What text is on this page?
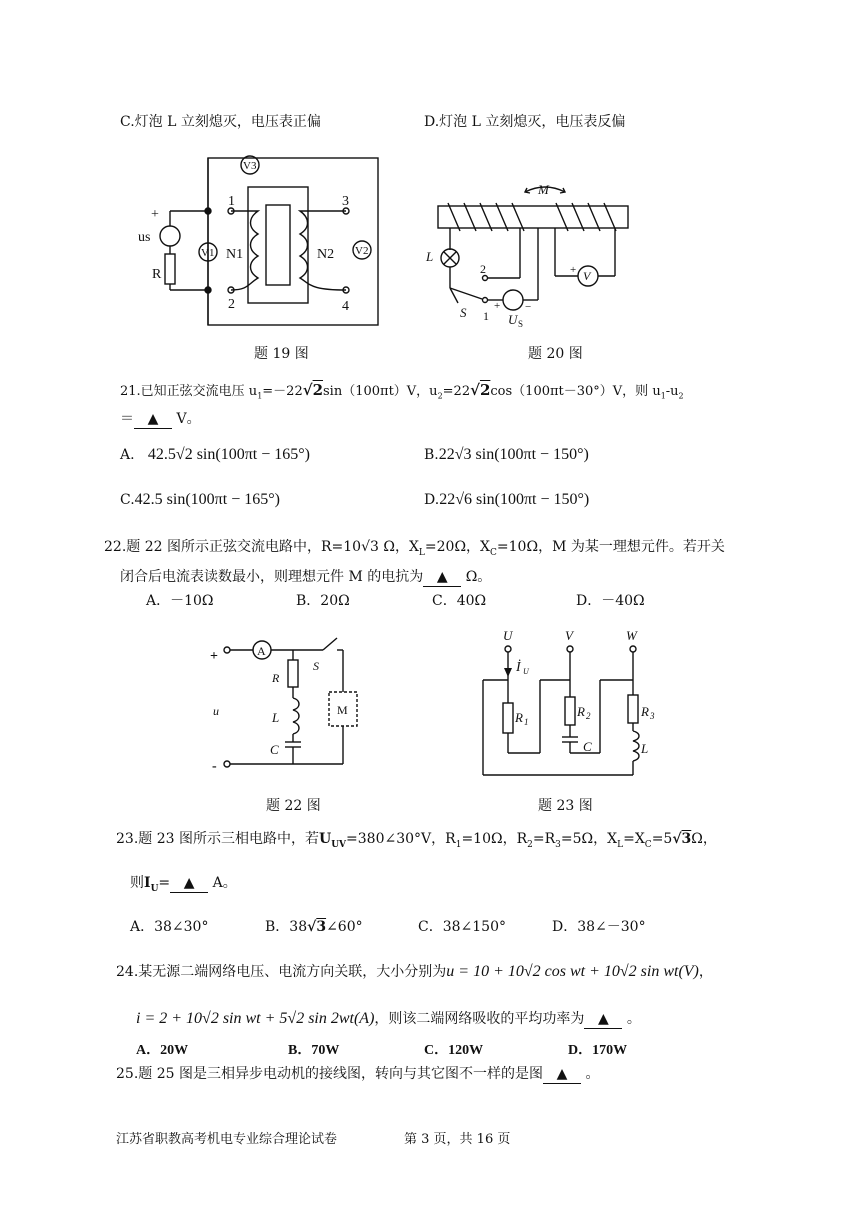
C.灯泡 L 立刻熄灭，电压表正偏	D.灯泡 L 立刻熄灭，电压表反偏
V3
V1	V2
+
us
R
N1	N2
1
2
3
4
题 19 图
M
L
S
V
+
2
1
+ −
U S
题 20 图
21.已知正弦交流电压 $u_1=-22√2\sin(100\pi t)V$，$u_2=22√2\cos(100\pi t-30^\circ)V$，则 $u_1-u_2$
＝ ▲ V。
A. 42.5√2 sin(100πt − 165°)	B.22√3 sin(100πt − 150°)
C.42.5 sin(100πt − 165°)	D.22√6 sin(100πt − 150°)
22.题 22 图所示正弦交流电路中，R=10√3 Ω，$X_L=20\Omega$，$X_C=10\Omega$，M 为某一理想元件。若开关
闭合后电流表读数最小，则理想元件 M 的电抗为 ▲ Ω。
A．－10Ω	B．20Ω	C．40Ω	D．－40Ω
+
-
A
S
R
L
C
u	M
题 22 图
U	V	W
İ U
R 1
R 2
C
R 3
L
题 23 图
23.题 23 图所示三相电路中，若$U_{UV}=380\angle 30^\circ V$，$R_1=10\Omega$，$R_2=R_3=5\Omega$，$X_L=X_C=5√3\Omega$，
则$I_U=$ ▲ A。
A．38∠30°	B．38√3∠60°	C．38∠150°	D．38∠－30°
24.某无源二端网络电压、电流方向关联，大小分别为u = 10 + 10√2 cos wt + 10√2 sin wt(V)，
i = 2 + 10√2 sin wt + 5√2 sin 2wt(A)，则该二端网络吸收的平均功率为 ▲ 。
A．20W	B．70W	C．120W	D．170W
25.题 25 图是三相异步电动机的接线图，转向与其它图不一样的是图 ▲ 。
江苏省职教高考机电专业综合理论试卷	第 3 页，共 16 页
